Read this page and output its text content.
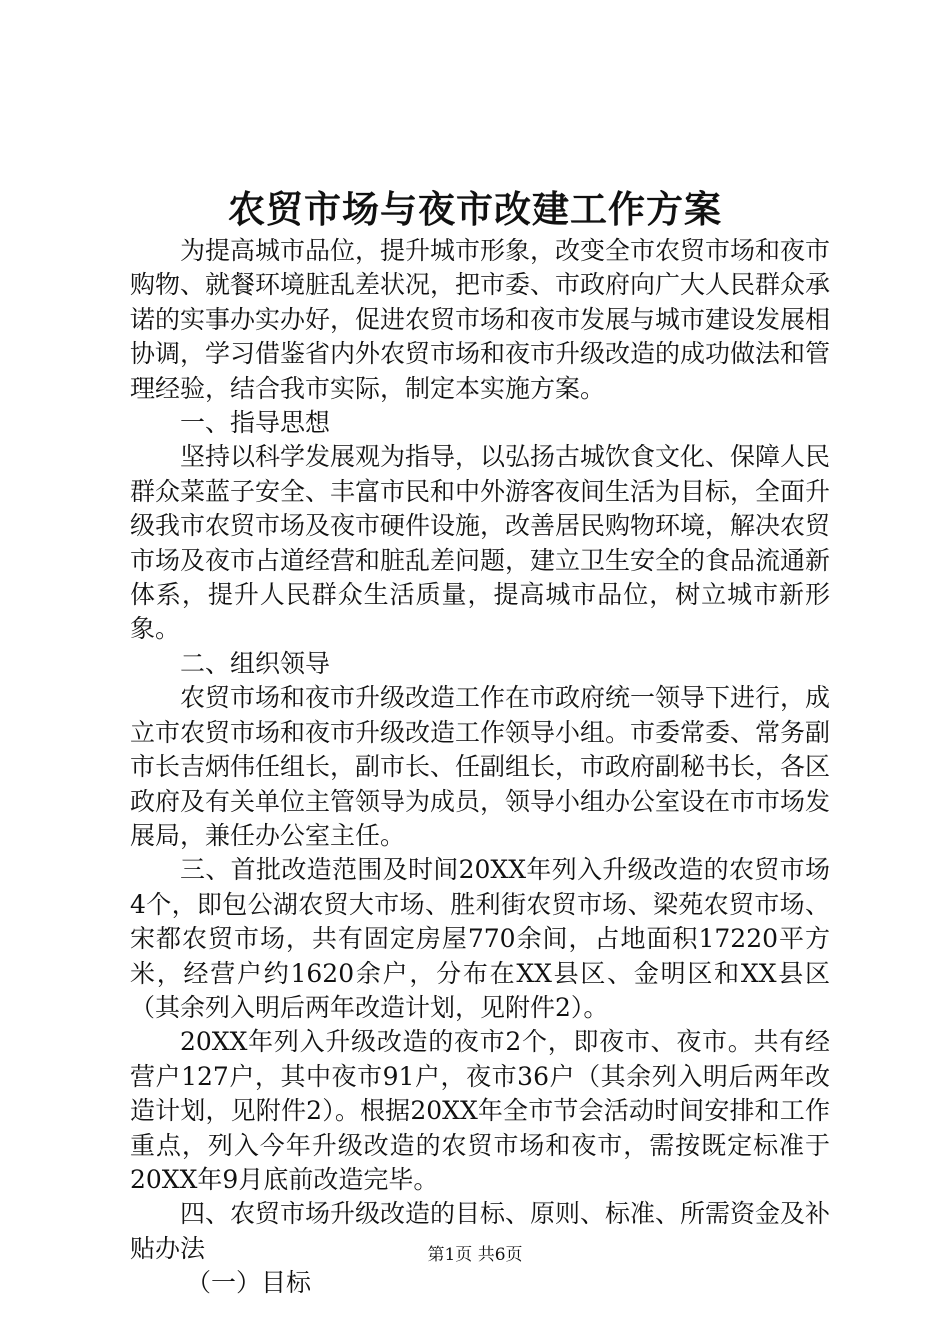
农贸市场与夜市改建工作方案

为提高城市品位，提升城市形象，改变全市农贸市场和夜市购物、就餐环境脏乱差状况，把市委、市政府向广大人民群众承诺的实事办实办好，促进农贸市场和夜市发展与城市建设发展相协调，学习借鉴省内外农贸市场和夜市升级改造的成功做法和管理经验，结合我市实际，制定本实施方案。

一、指导思想

坚持以科学发展观为指导，以弘扬古城饮食文化、保障人民群众菜蓝子安全、丰富市民和中外游客夜间生活为目标，全面升级我市农贸市场及夜市硬件设施，改善居民购物环境，解决农贸市场及夜市占道经营和脏乱差问题，建立卫生安全的食品流通新体系，提升人民群众生活质量，提高城市品位，树立城市新形象。

二、组织领导

农贸市场和夜市升级改造工作在市政府统一领导下进行，成立市农贸市场和夜市升级改造工作领导小组。市委常委、常务副市长吉炳伟任组长，副市长、任副组长，市政府副秘书长，各区政府及有关单位主管领导为成员，领导小组办公室设在市市场发展局，兼任办公室主任。

三、首批改造范围及时间20XX年列入升级改造的农贸市场4个，即包公湖农贸大市场、胜利街农贸市场、梁苑农贸市场、宋都农贸市场，共有固定房屋770余间，占地面积17220平方米，经营户约1620余户，分布在XX县区、金明区和XX县区（其余列入明后两年改造计划，见附件2）。

20XX年列入升级改造的夜市2个，即夜市、夜市。共有经营户127户，其中夜市91户，夜市36户（其余列入明后两年改造计划，见附件2）。根据20XX年全市节会活动时间安排和工作重点，列入今年升级改造的农贸市场和夜市，需按既定标准于20XX年9月底前改造完毕。

四、农贸市场升级改造的目标、原则、标准、所需资金及补贴办法

（一）目标

第1页 共6页
